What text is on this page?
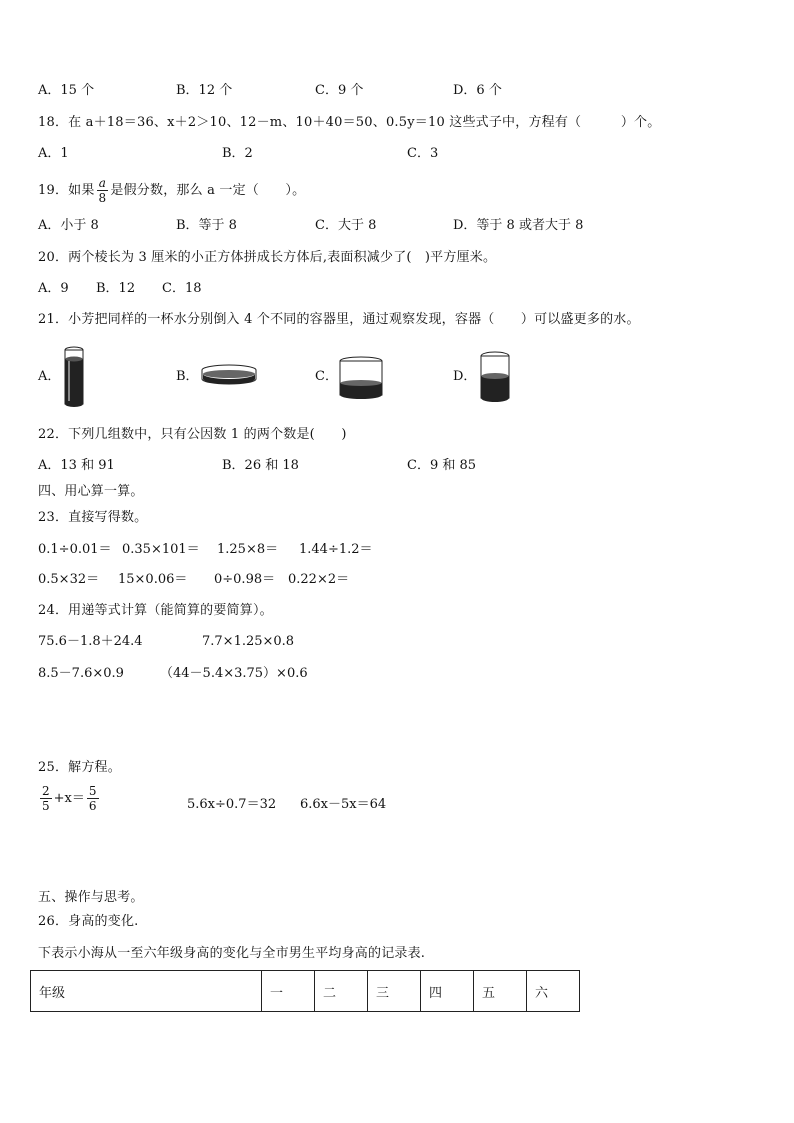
A．15 个	B．12 个	C．9 个	D．6 个
18．在 a＋18＝36、x＋2＞10、12－m、10＋40＝50、0.5y＝10 这些式子中，方程有（　　　）个。
A．1	B．2	C．3
19．如果 $\frac{a}{8}$ 是假分数，那么 a 一定（　　）。
A．小于 8	B．等于 8	C．大于 8	D．等于 8 或者大于 8
20．两个棱长为 3 厘米的小正方体拼成长方体后,表面积减少了(　)平方厘米。
A．9 B．12 C．18
21．小芳把同样的一杯水分别倒入 4 个不同的容器里，通过观察发现，容器（　　）可以盛更多的水。
A．	B．	C．	D．
22．下列几组数中，只有公因数 1 的两个数是(　　)
A．13 和 91	B．26 和 18	C．9 和 85
四、用心算一算。
23．直接写得数。
0.1÷0.01＝ 0.35×101＝ 1.25×8＝ 1.44÷1.2＝
0.5×32＝ 15×0.06＝ 0÷0.98＝ 0.22×2＝
24．用递等式计算（能简算的要简算）。
75.6－1.8＋24.4	7.7×1.25×0.8
8.5－7.6×0.9	（44－5.4×3.75）×0.6
25．解方程。
$\frac{2}{5} +x= \frac{5}{6}$	5.6x÷0.7＝32 6.6x－5x＝64
五、操作与思考。
26．身高的变化.
下表示小海从一至六年级身高的变化与全市男生平均身高的记录表.
年级	一	二	三	四	五	六
